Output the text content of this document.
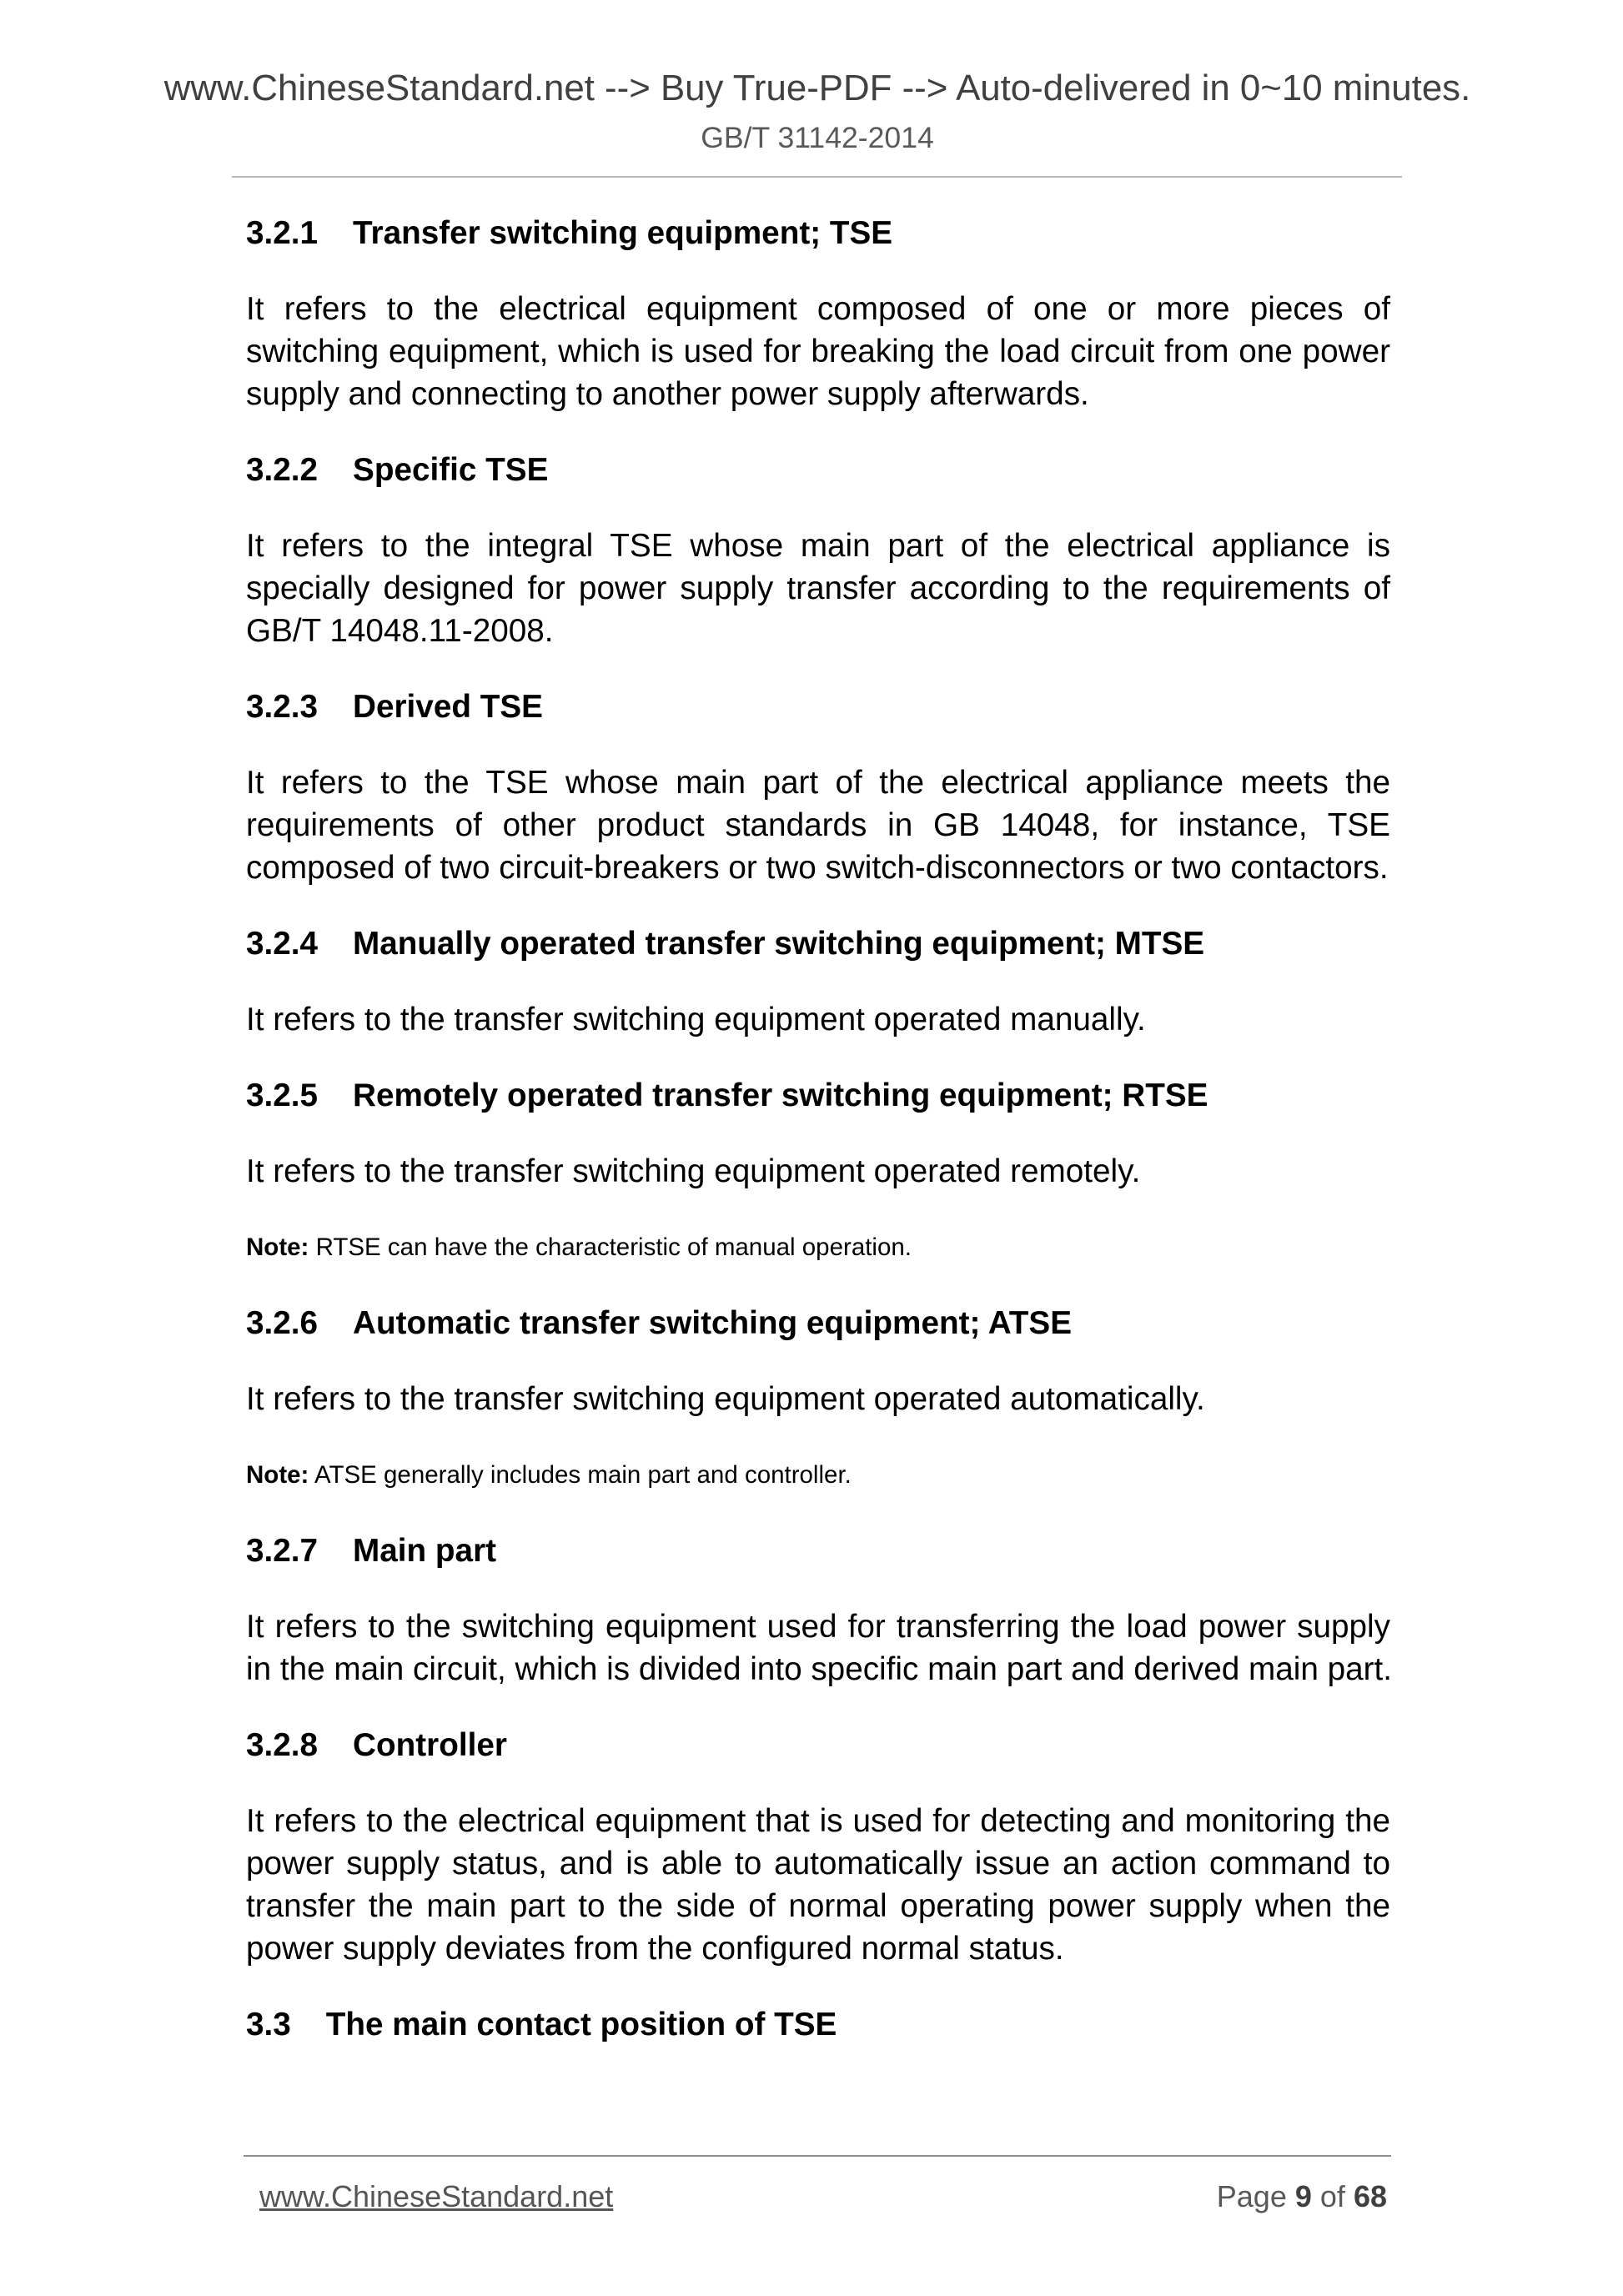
www.ChineseStandard.net --> Buy True-PDF --> Auto-delivered in 0~10 minutes.
GB/T 31142-2014
3.2.1 Transfer switching equipment; TSE

It refers to the electrical equipment composed of one or more pieces of
switching equipment, which is used for breaking the load circuit from one power
supply and connecting to another power supply afterwards.

3.2.2 Specific TSE

It refers to the integral TSE whose main part of the electrical appliance is
specially designed for power supply transfer according to the requirements of
GB/T 14048.11-2008.

3.2.3 Derived TSE

It refers to the TSE whose main part of the electrical appliance meets the
requirements of other product standards in GB 14048, for instance, TSE
composed of two circuit-breakers or two switch-disconnectors or two contactors.

3.2.4 Manually operated transfer switching equipment; MTSE

It refers to the transfer switching equipment operated manually.

3.2.5 Remotely operated transfer switching equipment; RTSE

It refers to the transfer switching equipment operated remotely.

Note: RTSE can have the characteristic of manual operation.

3.2.6 Automatic transfer switching equipment; ATSE

It refers to the transfer switching equipment operated automatically.

Note: ATSE generally includes main part and controller.

3.2.7 Main part

It refers to the switching equipment used for transferring the load power supply
in the main circuit, which is divided into specific main part and derived main part.

3.2.8 Controller

It refers to the electrical equipment that is used for detecting and monitoring the
power supply status, and is able to automatically issue an action command to
transfer the main part to the side of normal operating power supply when the
power supply deviates from the configured normal status.

3.3 The main contact position of TSE
www.ChineseStandard.net	Page 9 of 68
